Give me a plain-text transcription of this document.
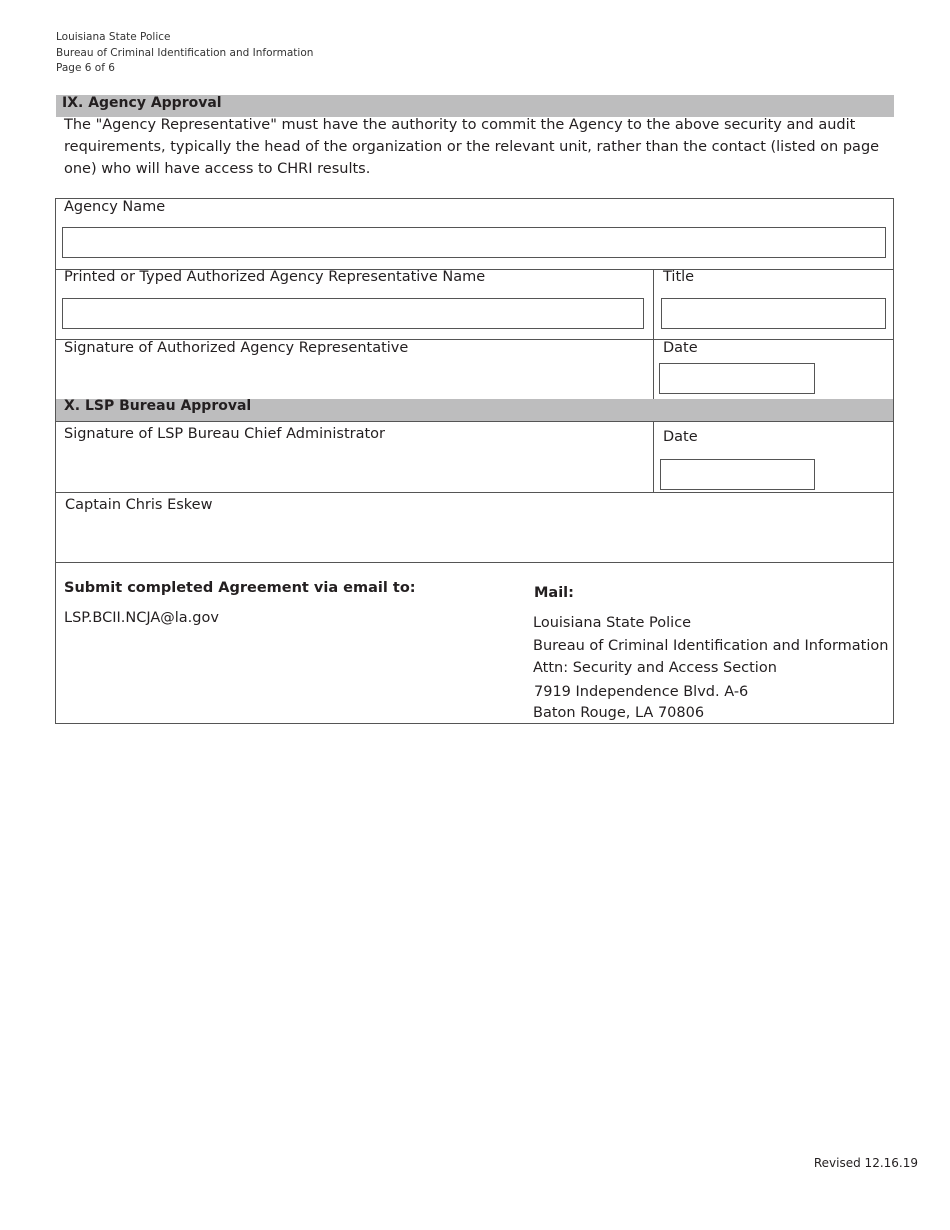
Louisiana State Police
Bureau of Criminal Identification and Information
Page 6 of 6
IX. Agency Approval
The "Agency Representative" must have the authority to commit the Agency to the above security and audit requirements, typically the head of the organization or the relevant unit, rather than the contact (listed on page one) who will have access to CHRI results.
Agency Name
Printed or Typed Authorized Agency Representative Name	Title
Signature of Authorized Agency Representative	Date
X. LSP Bureau Approval
Signature of LSP Bureau Chief Administrator	Date
Captain Chris Eskew
Submit completed Agreement via email to:
LSP.BCII.NCJA@la.gov
Mail:
Louisiana State Police
Bureau of Criminal Identification and Information
Attn: Security and Access Section
7919 Independence Blvd. A-6
Baton Rouge, LA 70806
Revised 12.16.19
